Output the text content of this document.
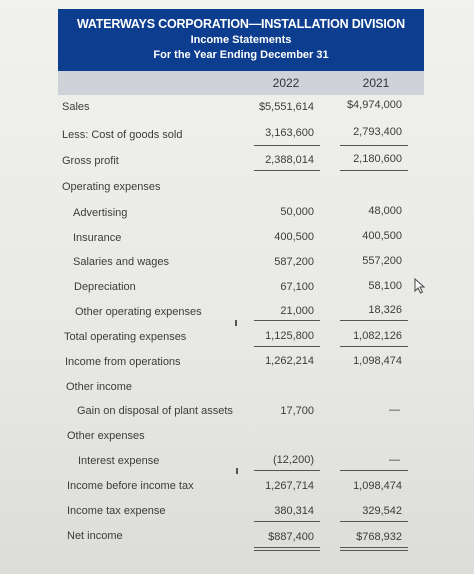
WATERWAYS CORPORATION—INSTALLATION DIVISION
Income Statements
For the Year Ending December 31
2022	2021
Sales	$5,551,614	$4,974,000
Less: Cost of goods sold	3,163,600	2,793,400
Gross profit	2,388,014	2,180,600
Operating expenses
Advertising	50,000	48,000
Insurance	400,500	400,500
Salaries and wages	587,200	557,200
Depreciation	67,100	58,100
Other operating expenses	21,000	18,326
Total operating expenses	1,125,800	1,082,126
Income from operations	1,262,214	1,098,474
Other income
Gain on disposal of plant assets	17,700	—
Other expenses
Interest expense	(12,200)	—
Income before income tax	1,267,714	1,098,474
Income tax expense	380,314	329,542
Net income	$887,400	$768,932
